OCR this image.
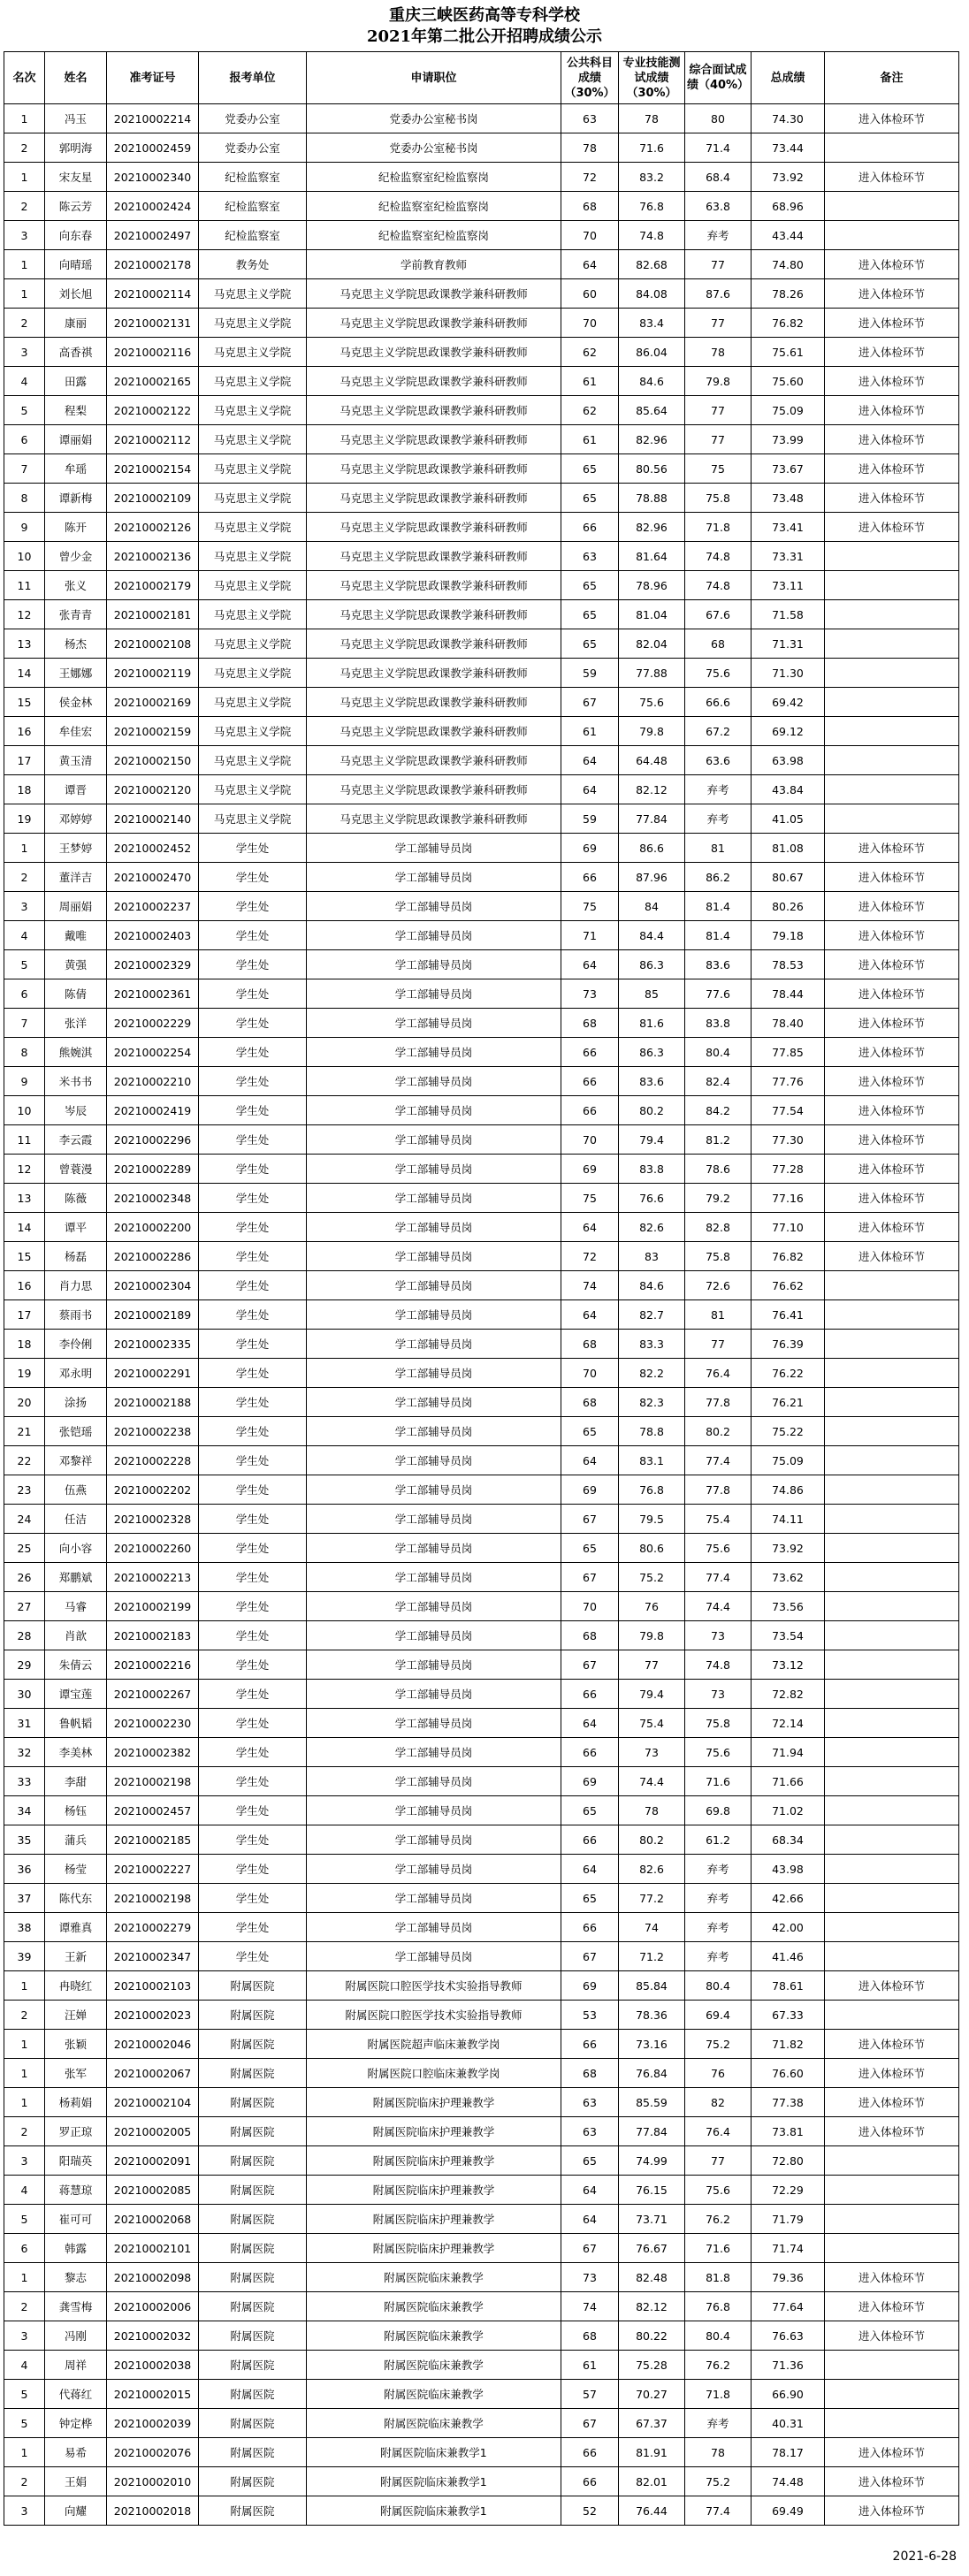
重庆三峡医药高等专科学校
2021年第二批公开招聘成绩公示
名次	姓名	准考证号	报考单位	申请职位	公共科目成绩（30%）	专业技能测试成绩（30%）	综合面试成绩（40%）	总成绩	备注
1	冯玉	20210002214	党委办公室	党委办公室秘书岗	63	78	80	74.30	进入体检环节
2	郭明海	20210002459	党委办公室	党委办公室秘书岗	78	71.6	71.4	73.44	
1	宋友星	20210002340	纪检监察室	纪检监察室纪检监察岗	72	83.2	68.4	73.92	进入体检环节
2	陈云芳	20210002424	纪检监察室	纪检监察室纪检监察岗	68	76.8	63.8	68.96	
3	向东春	20210002497	纪检监察室	纪检监察室纪检监察岗	70	74.8	弃考	43.44	
1	向晴瑶	20210002178	教务处	学前教育教师	64	82.68	77	74.80	进入体检环节
1	刘长旭	20210002114	马克思主义学院	马克思主义学院思政课教学兼科研教师	60	84.08	87.6	78.26	进入体检环节
2	康丽	20210002131	马克思主义学院	马克思主义学院思政课教学兼科研教师	70	83.4	77	76.82	进入体检环节
3	高香祺	20210002116	马克思主义学院	马克思主义学院思政课教学兼科研教师	62	86.04	78	75.61	进入体检环节
4	田露	20210002165	马克思主义学院	马克思主义学院思政课教学兼科研教师	61	84.6	79.8	75.60	进入体检环节
5	程梨	20210002122	马克思主义学院	马克思主义学院思政课教学兼科研教师	62	85.64	77	75.09	进入体检环节
6	谭丽娟	20210002112	马克思主义学院	马克思主义学院思政课教学兼科研教师	61	82.96	77	73.99	进入体检环节
7	牟瑶	20210002154	马克思主义学院	马克思主义学院思政课教学兼科研教师	65	80.56	75	73.67	进入体检环节
8	谭新梅	20210002109	马克思主义学院	马克思主义学院思政课教学兼科研教师	65	78.88	75.8	73.48	进入体检环节
9	陈开	20210002126	马克思主义学院	马克思主义学院思政课教学兼科研教师	66	82.96	71.8	73.41	进入体检环节
10	曾少金	20210002136	马克思主义学院	马克思主义学院思政课教学兼科研教师	63	81.64	74.8	73.31	
11	张义	20210002179	马克思主义学院	马克思主义学院思政课教学兼科研教师	65	78.96	74.8	73.11	
12	张青青	20210002181	马克思主义学院	马克思主义学院思政课教学兼科研教师	65	81.04	67.6	71.58	
13	杨杰	20210002108	马克思主义学院	马克思主义学院思政课教学兼科研教师	65	82.04	68	71.31	
14	王娜娜	20210002119	马克思主义学院	马克思主义学院思政课教学兼科研教师	59	77.88	75.6	71.30	
15	侯金林	20210002169	马克思主义学院	马克思主义学院思政课教学兼科研教师	67	75.6	66.6	69.42	
16	牟佳宏	20210002159	马克思主义学院	马克思主义学院思政课教学兼科研教师	61	79.8	67.2	69.12	
17	黄玉清	20210002150	马克思主义学院	马克思主义学院思政课教学兼科研教师	64	64.48	63.6	63.98	
18	谭晋	20210002120	马克思主义学院	马克思主义学院思政课教学兼科研教师	64	82.12	弃考	43.84	
19	邓婷婷	20210002140	马克思主义学院	马克思主义学院思政课教学兼科研教师	59	77.84	弃考	41.05	
1	王梦婷	20210002452	学生处	学工部辅导员岗	69	86.6	81	81.08	进入体检环节
2	董洋吉	20210002470	学生处	学工部辅导员岗	66	87.96	86.2	80.67	进入体检环节
3	周丽娟	20210002237	学生处	学工部辅导员岗	75	84	81.4	80.26	进入体检环节
4	戴唯	20210002403	学生处	学工部辅导员岗	71	84.4	81.4	79.18	进入体检环节
5	黄强	20210002329	学生处	学工部辅导员岗	64	86.3	83.6	78.53	进入体检环节
6	陈倩	20210002361	学生处	学工部辅导员岗	73	85	77.6	78.44	进入体检环节
7	张洋	20210002229	学生处	学工部辅导员岗	68	81.6	83.8	78.40	进入体检环节
8	熊婉淇	20210002254	学生处	学工部辅导员岗	66	86.3	80.4	77.85	进入体检环节
9	米书书	20210002210	学生处	学工部辅导员岗	66	83.6	82.4	77.76	进入体检环节
10	岑辰	20210002419	学生处	学工部辅导员岗	66	80.2	84.2	77.54	进入体检环节
11	李云霞	20210002296	学生处	学工部辅导员岗	70	79.4	81.2	77.30	进入体检环节
12	曾蓑漫	20210002289	学生处	学工部辅导员岗	69	83.8	78.6	77.28	进入体检环节
13	陈薇	20210002348	学生处	学工部辅导员岗	75	76.6	79.2	77.16	进入体检环节
14	谭平	20210002200	学生处	学工部辅导员岗	64	82.6	82.8	77.10	进入体检环节
15	杨磊	20210002286	学生处	学工部辅导员岗	72	83	75.8	76.82	进入体检环节
16	肖力思	20210002304	学生处	学工部辅导员岗	74	84.6	72.6	76.62	
17	蔡雨书	20210002189	学生处	学工部辅导员岗	64	82.7	81	76.41	
18	李伶俐	20210002335	学生处	学工部辅导员岗	68	83.3	77	76.39	
19	邓永明	20210002291	学生处	学工部辅导员岗	70	82.2	76.4	76.22	
20	涂扬	20210002188	学生处	学工部辅导员岗	68	82.3	77.8	76.21	
21	张铠瑶	20210002238	学生处	学工部辅导员岗	65	78.8	80.2	75.22	
22	邓黎祥	20210002228	学生处	学工部辅导员岗	64	83.1	77.4	75.09	
23	伍燕	20210002202	学生处	学工部辅导员岗	69	76.8	77.8	74.86	
24	任洁	20210002328	学生处	学工部辅导员岗	67	79.5	75.4	74.11	
25	向小容	20210002260	学生处	学工部辅导员岗	65	80.6	75.6	73.92	
26	郑鹏斌	20210002213	学生处	学工部辅导员岗	67	75.2	77.4	73.62	
27	马睿	20210002199	学生处	学工部辅导员岗	70	76	74.4	73.56	
28	肖歆	20210002183	学生处	学工部辅导员岗	68	79.8	73	73.54	
29	朱倩云	20210002216	学生处	学工部辅导员岗	67	77	74.8	73.12	
30	谭宝莲	20210002267	学生处	学工部辅导员岗	66	79.4	73	72.82	
31	鲁帆韬	20210002230	学生处	学工部辅导员岗	64	75.4	75.8	72.14	
32	李美林	20210002382	学生处	学工部辅导员岗	66	73	75.6	71.94	
33	李甜	20210002198	学生处	学工部辅导员岗	69	74.4	71.6	71.66	
34	杨钰	20210002457	学生处	学工部辅导员岗	65	78	69.8	71.02	
35	蒲兵	20210002185	学生处	学工部辅导员岗	66	80.2	61.2	68.34	
36	杨莹	20210002227	学生处	学工部辅导员岗	64	82.6	弃考	43.98	
37	陈代东	20210002198	学生处	学工部辅导员岗	65	77.2	弃考	42.66	
38	谭雅真	20210002279	学生处	学工部辅导员岗	66	74	弃考	42.00	
39	王新	20210002347	学生处	学工部辅导员岗	67	71.2	弃考	41.46	
1	冉晓红	20210002103	附属医院	附属医院口腔医学技术实验指导教师	69	85.84	80.4	78.61	进入体检环节
2	汪婵	20210002023	附属医院	附属医院口腔医学技术实验指导教师	53	78.36	69.4	67.33	
1	张颖	20210002046	附属医院	附属医院超声临床兼教学岗	66	73.16	75.2	71.82	进入体检环节
1	张军	20210002067	附属医院	附属医院口腔临床兼教学岗	68	76.84	76	76.60	进入体检环节
1	杨莉娟	20210002104	附属医院	附属医院临床护理兼教学	63	85.59	82	77.38	进入体检环节
2	罗正琼	20210002005	附属医院	附属医院临床护理兼教学	63	77.84	76.4	73.81	进入体检环节
3	阳瑞英	20210002091	附属医院	附属医院临床护理兼教学	65	74.99	77	72.80	
4	蒋慧琼	20210002085	附属医院	附属医院临床护理兼教学	64	76.15	75.6	72.29	
5	崔可可	20210002068	附属医院	附属医院临床护理兼教学	64	73.71	76.2	71.79	
6	韩露	20210002101	附属医院	附属医院临床护理兼教学	67	76.67	71.6	71.74	
1	黎志	20210002098	附属医院	附属医院临床兼教学	73	82.48	81.8	79.36	进入体检环节
2	龚雪梅	20210002006	附属医院	附属医院临床兼教学	74	82.12	76.8	77.64	进入体检环节
3	冯刚	20210002032	附属医院	附属医院临床兼教学	68	80.22	80.4	76.63	进入体检环节
4	周祥	20210002038	附属医院	附属医院临床兼教学	61	75.28	76.2	71.36	
5	代蒋红	20210002015	附属医院	附属医院临床兼教学	57	70.27	71.8	66.90	
5	钟定桦	20210002039	附属医院	附属医院临床兼教学	67	67.37	弃考	40.31	
1	易希	20210002076	附属医院	附属医院临床兼教学1	66	81.91	78	78.17	进入体检环节
2	王娟	20210002010	附属医院	附属医院临床兼教学1	66	82.01	75.2	74.48	进入体检环节
3	向耀	20210002018	附属医院	附属医院临床兼教学1	52	76.44	77.4	69.49	进入体检环节
2021-6-28
